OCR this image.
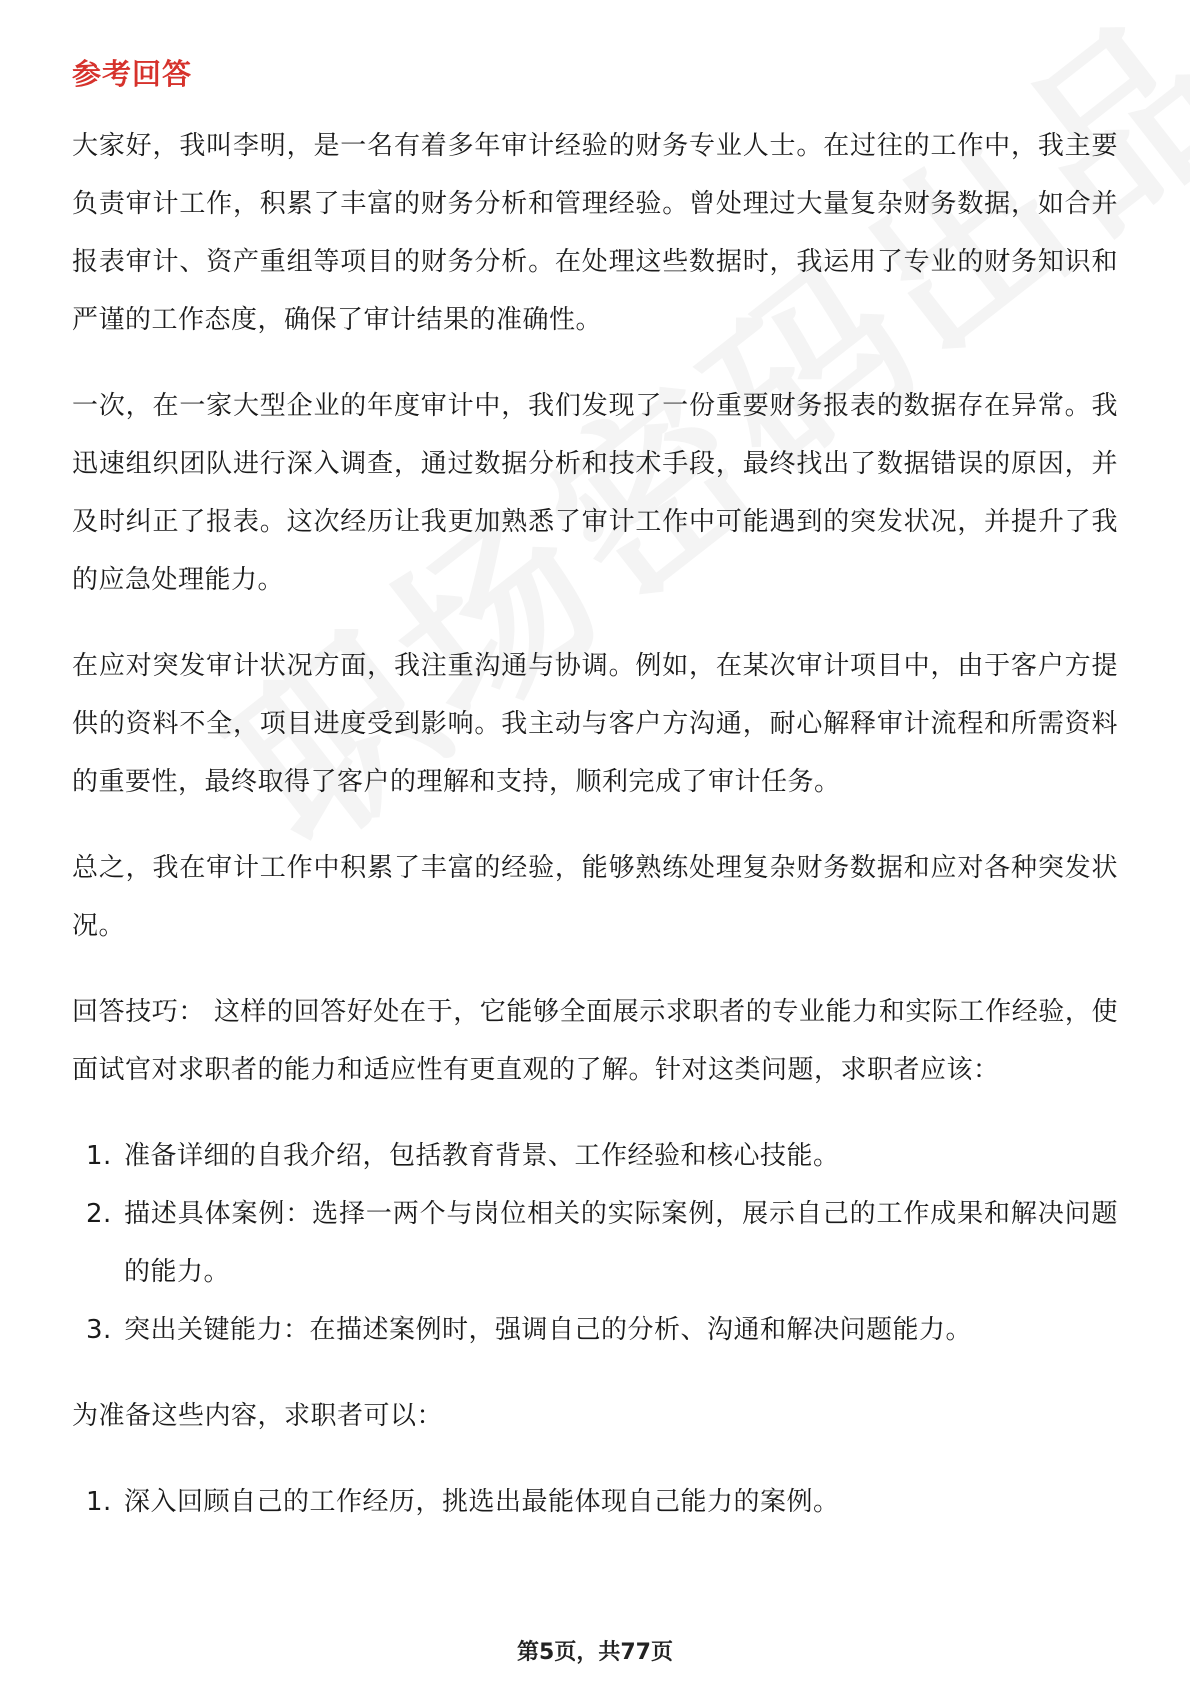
参考回答

大家好，我叫李明，是一名有着多年审计经验的财务专业人士。在过往的工作中，我主要负责审计工作，积累了丰富的财务分析和管理经验。曾处理过大量复杂财务数据，如合并报表审计、资产重组等项目的财务分析。在处理这些数据时，我运用了专业的财务知识和严谨的工作态度，确保了审计结果的准确性。

一次，在一家大型企业的年度审计中，我们发现了一份重要财务报表的数据存在异常。我迅速组织团队进行深入调查，通过数据分析和技术手段，最终找出了数据错误的原因，并及时纠正了报表。这次经历让我更加熟悉了审计工作中可能遇到的突发状况，并提升了我的应急处理能力。

在应对突发审计状况方面，我注重沟通与协调。例如，在某次审计项目中，由于客户方提供的资料不全，项目进度受到影响。我主动与客户方沟通，耐心解释审计流程和所需资料的重要性，最终取得了客户的理解和支持，顺利完成了审计任务。

总之，我在审计工作中积累了丰富的经验，能够熟练处理复杂财务数据和应对各种突发状况。

回答技巧： 这样的回答好处在于，它能够全面展示求职者的专业能力和实际工作经验，使面试官对求职者的能力和适应性有更直观的了解。针对这类问题，求职者应该：

1. 准备详细的自我介绍，包括教育背景、工作经验和核心技能。
2. 描述具体案例：选择一两个与岗位相关的实际案例，展示自己的工作成果和解决问题的能力。
3. 突出关键能力：在描述案例时，强调自己的分析、沟通和解决问题能力。

为准备这些内容，求职者可以：

1. 深入回顾自己的工作经历，挑选出最能体现自己能力的案例。
第5页，共77页
